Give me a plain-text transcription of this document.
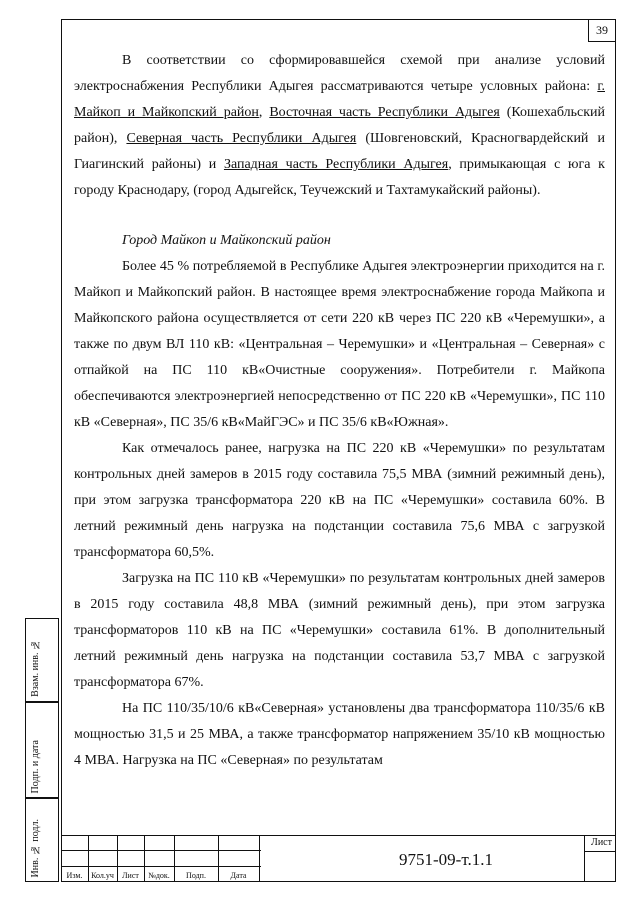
39

В соответствии со сформировавшейся схемой при анализе условий электроснабжения Республики Адыгея рассматриваются четыре условных района: г. Майкоп и Майкопский район, Восточная часть Республики Адыгея (Кошехабльский район), Северная часть Республики Адыгея (Шовгеновский, Красногвардейский и Гиагинский районы) и Западная часть Республики Адыгея, примыкающая с юга к городу Краснодару, (город Адыгейск, Теучежский и Тахтамукайский районы).

Город Майкоп и Майкопский район

Более 45 % потребляемой в Республике Адыгея электроэнергии приходится на г. Майкоп и Майкопский район. В настоящее время электроснабжение города Майкопа и Майкопского района осуществляется от сети 220 кВ через ПС 220 кВ «Черемушки», а также по двум ВЛ 110 кВ: «Центральная – Черемушки» и «Центральная – Северная» с отпайкой на ПС 110 кВ«Очистные сооружения». Потребители г. Майкопа обеспечиваются электроэнергией непосредственно от ПС 220 кВ «Черемушки», ПС 110 кВ «Северная», ПС 35/6 кВ«МайГЭС» и ПС 35/6 кВ«Южная».

Как отмечалось ранее, нагрузка на ПС 220 кВ «Черемушки» по результатам контрольных дней замеров в 2015 году составила 75,5 МВА (зимний режимный день), при этом загрузка трансформатора 220 кВ на ПС «Черемушки» составила 60%. В летний режимный день нагрузка на подстанции составила 75,6 МВА с загрузкой трансформатора 60,5%.

Загрузка на ПС 110 кВ «Черемушки» по результатам контрольных дней замеров в 2015 году составила 48,8 МВА (зимний режимный день), при этом загрузка трансформаторов 110 кВ на ПС «Черемушки» составила 61%. В дополнительный летний режимный день нагрузка на подстанции составила 53,7 МВА с загрузкой трансформатора 67%.

На ПС 110/35/10/6 кВ«Северная» установлены два трансформатора 110/35/6 кВ мощностью 31,5 и 25 МВА, а также трансформатор напряжением 35/10 кВ мощностью 4 МВА. Нагрузка на ПС «Северная» по результатам

Взам. инв. №
Подп. и дата
Инв. № подл.	Изм.	Кол.уч	Лист	№док.	Подп.	Дата
9751-09-т.1.1
Лист
